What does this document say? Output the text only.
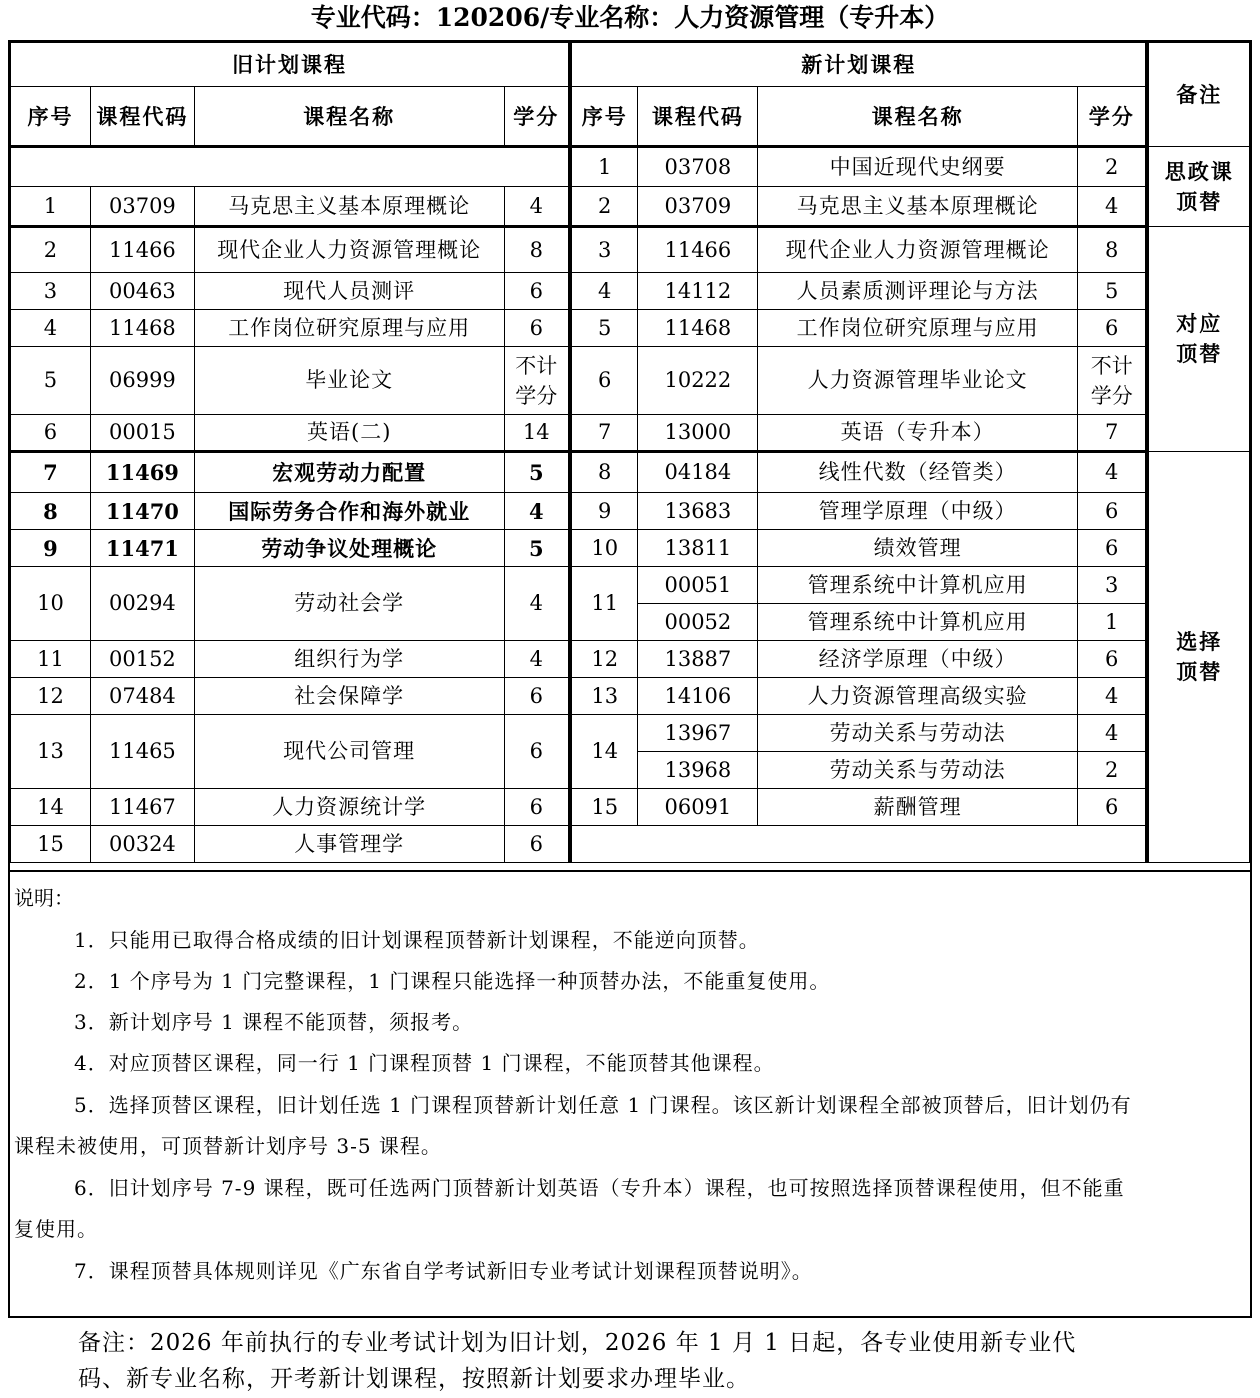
专业代码：120206/专业名称：人力资源管理（专升本）
旧计划课程				新计划课程				备注
序号	课程代码	课程名称	学分	序号	课程代码	课程名称	学分	
				1	03708	中国近现代史纲要	2	思政课顶替

1	03709	马克思主义基本原理概论	4	2	03709	马克思主义基本原理概论	4	
2	11466	现代企业人力资源管理概论	8	3	11466	现代企业人力资源管理概论	8	对应顶替

3	00463	现代人员测评	6	4	14112	人员素质测评理论与方法	5	
4	11468	工作岗位研究原理与应用	6	5	11468	工作岗位研究原理与应用	6	
5	06999	毕业论文	不计学分	6	10222	人力资源管理毕业论文	不计学分	

6	00015	英语(二)	14	7	13000	英语（专升本）	7	
7	11469	宏观劳动力配置	5	8	04184	线性代数（经管类）	4	选择顶替

8	11470	国际劳务合作和海外就业	4	9	13683	管理学原理（中级）	6	
9	11471	劳动争议处理概论	5	10	13811	绩效管理	6	
10	00294	劳动社会学	4	11	00051	管理系统中计算机应用	3	
					00052	管理系统中计算机应用	1	
11	00152	组织行为学	4	12	13887	经济学原理（中级）	6	
12	07484	社会保障学	6	13	14106	人力资源管理高级实验	4	
13	11465	现代公司管理	6	14	13967	劳动关系与劳动法	4	
					13968	劳动关系与劳动法	2	
14	11467	人力资源统计学	6	15	06091	薪酬管理	6	
15	00324	人事管理学	6					
说明：
1．只能用已取得合格成绩的旧计划课程顶替新计划课程，不能逆向顶替。
2．1 个序号为 1 门完整课程，1 门课程只能选择一种顶替办法，不能重复使用。
3．新计划序号 1 课程不能顶替，须报考。
4．对应顶替区课程，同一行 1 门课程顶替 1 门课程，不能顶替其他课程。
5．选择顶替区课程，旧计划任选 1 门课程顶替新计划任意 1 门课程。该区新计划课程全部被顶替后，旧计划仍有
课程未被使用，可顶替新计划序号 3-5 课程。
6．旧计划序号 7-9 课程，既可任选两门顶替新计划英语（专升本）课程，也可按照选择顶替课程使用，但不能重
复使用。
7．课程顶替具体规则详见《广东省自学考试新旧专业考试计划课程顶替说明》。
备注：2026 年前执行的专业考试计划为旧计划，2026 年 1 月 1 日起，各专业使用新专业代
码、新专业名称，开考新计划课程，按照新计划要求办理毕业。
